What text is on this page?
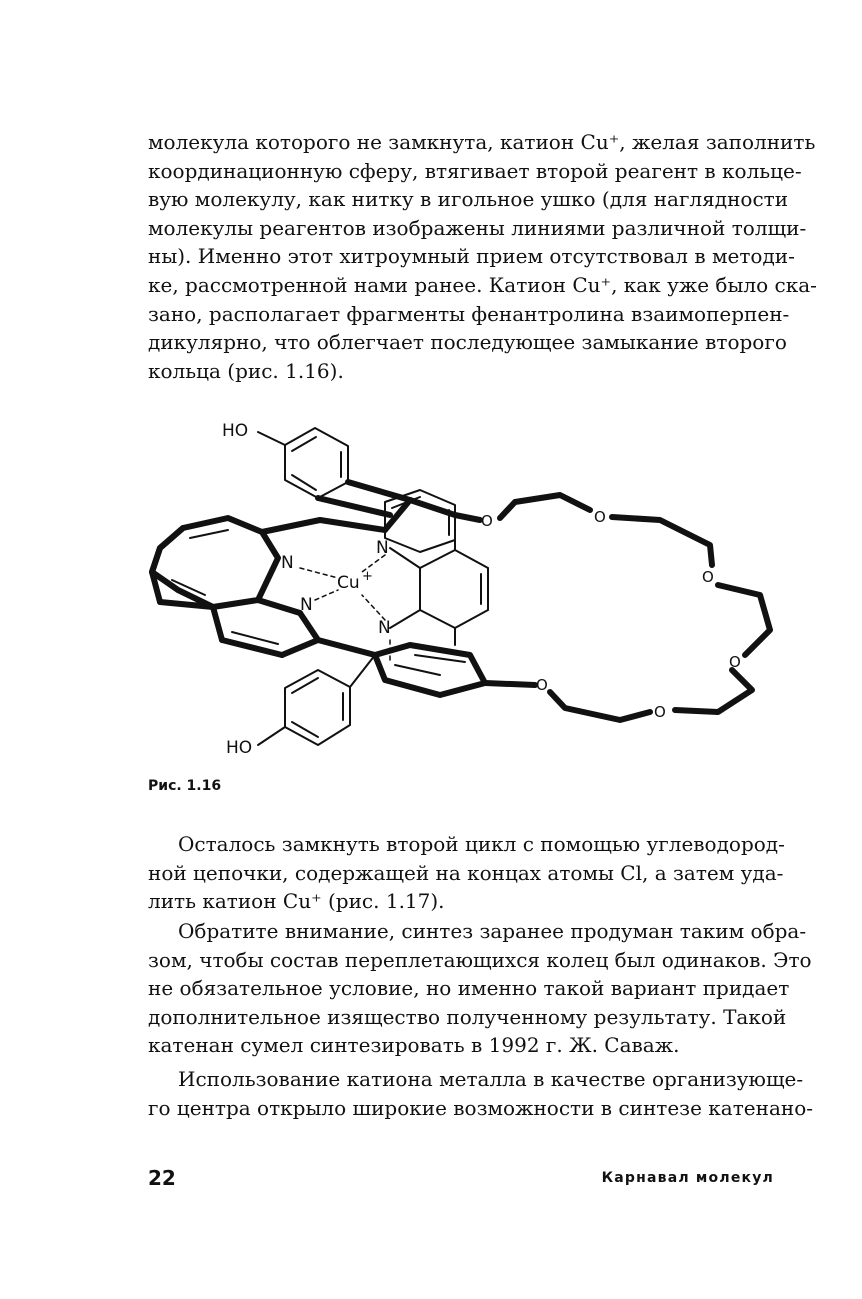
молекула которого не замкнута, катион Cu⁺, желая заполнить
координационную сферу, втягивает второй реагент в кольце-
вую молекулу, как нитку в игольное ушко (для наглядности
молекулы реагентов изображены линиями различной толщи-
ны). Именно этот хитроумный прием отсутствовал в методи-
ке, рассмотренной нами ранее. Катион Cu⁺, как уже было ска-
зано, располагает фрагменты фенантролина взаимоперпен-
дикулярно, что облегчает последующее замыкание второго
кольца (рис. 1.16).
HO
HO
N
N
N
N
Cu +
O	O
O
O
O
O
Рис. 1.16
Осталось замкнуть второй цикл с помощью углеводород-
ной цепочки, содержащей на концах атомы Cl, а затем уда-
лить катион Cu⁺ (рис. 1.17).
Обратите внимание, синтез заранее продуман таким обра-
зом, чтобы состав переплетающихся колец был одинаков. Это
не обязательное условие, но именно такой вариант придает
дополнительное изящество полученному результату. Такой
катенан сумел синтезировать в 1992 г. Ж. Саваж.
Использование катиона металла в качестве организующе-
го центра открыло широкие возможности в синтезе катенано-
22	Карнавал молекул
